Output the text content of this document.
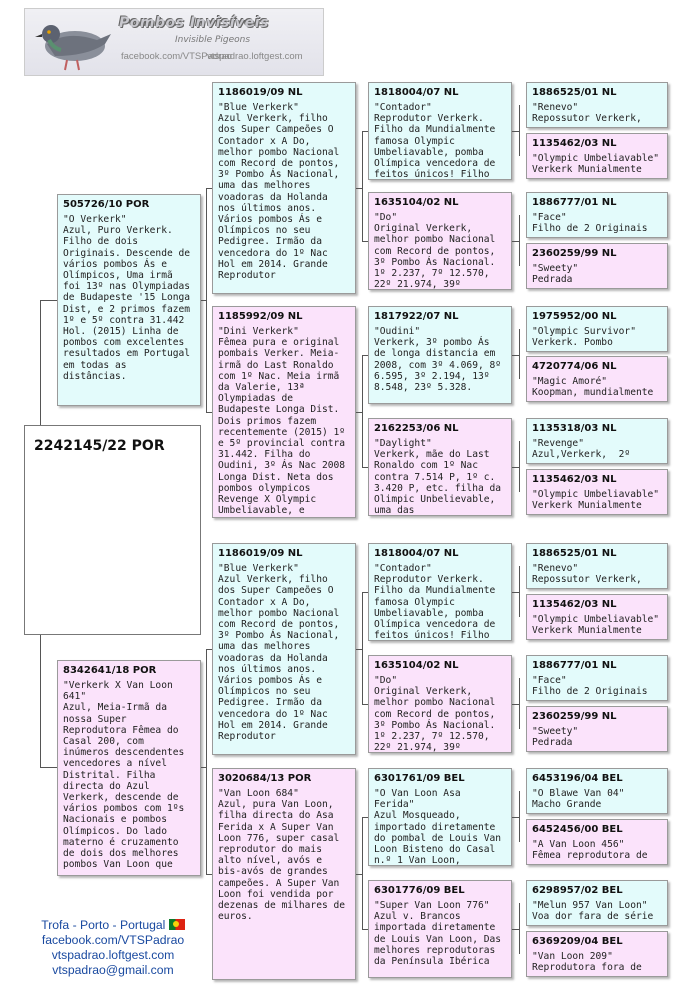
Pombos Invisíveis
Invisible Pigeons
facebook.com/VTSPadrao
vtspadrao.loftgest.com
2242145/22 POR
505726/10 POR
"O Verkerk"
Azul, Puro Verkerk. Filho de dois Originais. Descende de vários pombos Ás e Olímpicos, Uma irmã foi 13º nas Olympiadas de Budapeste '15 Longa Dist, e 2 primos fazem 1º e 5º contra 31.442 Hol. (2015) Linha de pombos com excelentes resultados em Portugal em todas as distâncias.
8342641/18 POR
"Verkerk X Van Loon 641"
Azul, Meia-Irmã da nossa Super Reprodutora Fêmea do Casal 200, com inúmeros descendentes vencedores a nível Distrital. Filha directa do Azul Verkerk, descende de vários pombos com 1ºs Nacionais e pombos Olímpicos. Do lado materno é cruzamento de dois dos melhores pombos Van Loon que
1186019/09 NL
"Blue Verkerk"
Azul Verkerk, filho dos Super Campeões O Contador x A Do, melhor pombo Nacional com Record de pontos, 3º Pombo Ás Nacional, uma das melhores voadoras da Holanda nos últimos anos. Vários pombos Ás e Olímpicos no seu Pedigree. Irmão da vencedora do 1º Nac Hol em 2014. Grande Reprodutor
1185992/09 NL
"Dini Verkerk"
Fêmea pura e original pombais Verker. Meia-irmã do Last Ronaldo com 1º Nac. Meia irmã da Valerie, 13ª Olympiadas de Budapeste Longa Dist. Dois primos fazem recentemente (2015) 1º e 5º provincial contra 31.442. Filha do Oudini, 3º Ás Nac 2008 Longa Dist. Neta dos pombos olympicos Revenge X Olympic Umbeliavable, e
1186019/09 NL
"Blue Verkerk"
Azul Verkerk, filho dos Super Campeões O Contador x A Do, melhor pombo Nacional com Record de pontos, 3º Pombo Ás Nacional, uma das melhores voadoras da Holanda nos últimos anos. Vários pombos Ás e Olímpicos no seu Pedigree. Irmão da vencedora do 1º Nac Hol em 2014. Grande Reprodutor
3020684/13 POR
"Van Loon 684"
Azul, pura Van Loon, filha directa do Asa Ferida x A Super Van Loon 776, super casal reprodutor do mais alto nível, avós e bis-avós de grandes campeões. A Super Van Loon foi vendida por dezenas de milhares de euros.
1818004/07 NL
"Contador"
Reprodutor Verkerk. Filho da Mundialmente famosa Olympic Umbeliavable, pomba Olímpica vencedora de feitos únicos! Filho
1635104/02 NL
"Do"
Original Verkerk, melhor pombo Nacional com Record de pontos, 3º Pombo Ás Nacional. 1º 2.237, 7º 12.570, 22º 21.974, 39º
1817922/07 NL
"Oudini"
Verkerk, 3º pombo Ás de longa distancia em 2008, com 3º 4.069, 8º 6.595, 3º 2.194, 13º 8.548, 23º 5.328.
2162253/06 NL
"Daylight"
Verkerk, mãe do Last Ronaldo com 1º Nac contra 7.514 P, 1º c. 3.420 P, etc. filha da Olimpic Unbelievable, uma das
1818004/07 NL
"Contador"
Reprodutor Verkerk. Filho da Mundialmente famosa Olympic Umbeliavable, pomba Olímpica vencedora de feitos únicos! Filho
1635104/02 NL
"Do"
Original Verkerk, melhor pombo Nacional com Record de pontos, 3º Pombo Ás Nacional. 1º 2.237, 7º 12.570, 22º 21.974, 39º
6301761/09 BEL
"O Van Loon Asa Ferida"
Azul Mosqueado, importado diretamente do pombal de Louis Van Loon Bisteno do Casal n.º 1 Van Loon,
6301776/09 BEL
"Super Van Loon 776"
Azul v. Brancos importada diretamente de Louis Van Loon, Das melhores reprodutoras da Península Ibérica
1886525/01 NL
"Renevo"
Repossutor Verkerk,
1135462/03 NL
"Olympic Umbeliavable"
Verkerk Munialmente
1886777/01 NL
"Face"
Filho de 2 Originais
2360259/99 NL
"Sweety"
Pedrada
1975952/00 NL
"Olympic Survivor"
Verkerk. Pombo
4720774/06 NL
"Magic Amoré"
Koopman, mundialmente
1135318/03 NL
"Revenge"
Azul,Verkerk,  2º
1135462/03 NL
"Olympic Umbeliavable"
Verkerk Munialmente
1886525/01 NL
"Renevo"
Repossutor Verkerk,
1135462/03 NL
"Olympic Umbeliavable"
Verkerk Munialmente
1886777/01 NL
"Face"
Filho de 2 Originais
2360259/99 NL
"Sweety"
Pedrada
6453196/04 BEL
"O Blawe Van 04"
Macho Grande
6452456/00 BEL
"A Van Loon 456"
Fêmea reprodutora de
6298957/02 BEL
"Melun 957 Van Loon"
Voa dor fara de série
6369209/04 BEL
"Van Loon 209"
Reprodutora fora de
Trofa - Porto - Portugal
facebook.com/VTSPadrao
vtspadrao.loftgest.com
vtspadrao@gmail.com
